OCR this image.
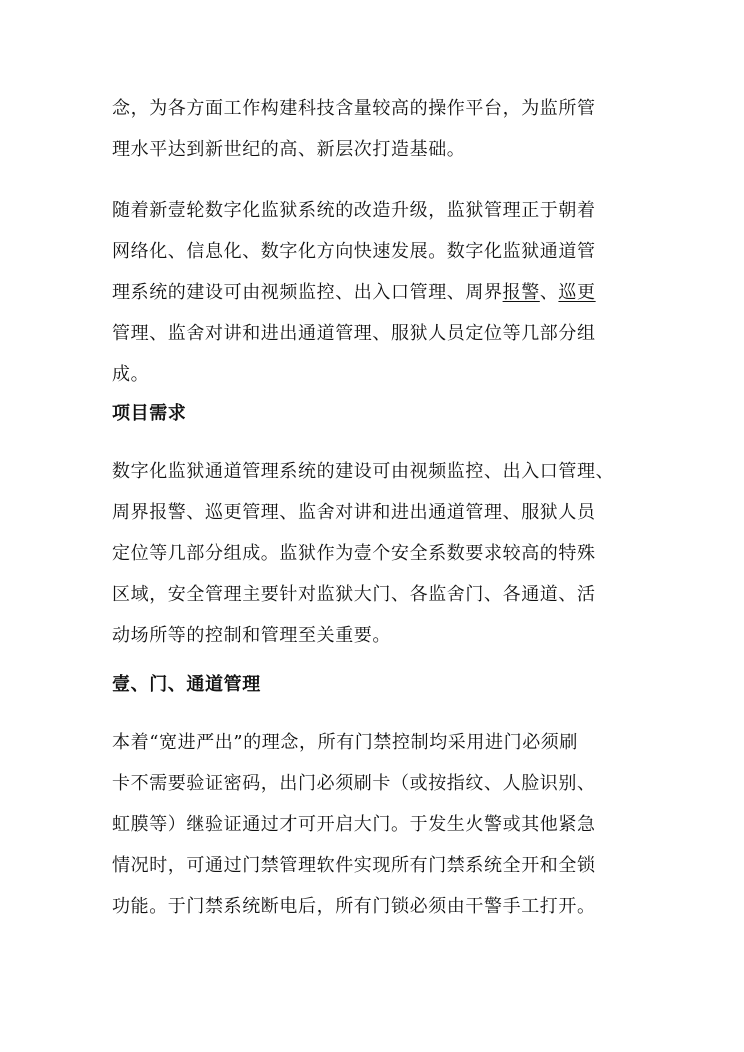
念，为各方面工作构建科技含量较高的操作平台，为监所管
理水平达到新世纪的高、新层次打造基础。

随着新壹轮数字化监狱系统的改造升级，监狱管理正于朝着
网络化、信息化、数字化方向快速发展。数字化监狱通道管
理系统的建设可由视频监控、出入口管理、周界报警、巡更
管理、监舍对讲和进出通道管理、服狱人员定位等几部分组
成。

项目需求

数字化监狱通道管理系统的建设可由视频监控、出入口管理、
周界报警、巡更管理、监舍对讲和进出通道管理、服狱人员
定位等几部分组成。监狱作为壹个安全系数要求较高的特殊
区域，安全管理主要针对监狱大门、各监舍门、各通道、活
动场所等的控制和管理至关重要。

壹、门、通道管理

本着“宽进严出”的理念，所有门禁控制均采用进门必须刷
卡不需要验证密码，出门必须刷卡（或按指纹、人脸识别、
虹膜等）继验证通过才可开启大门。于发生火警或其他紧急
情况时，可通过门禁管理软件实现所有门禁系统全开和全锁
功能。于门禁系统断电后，所有门锁必须由干警手工打开。
